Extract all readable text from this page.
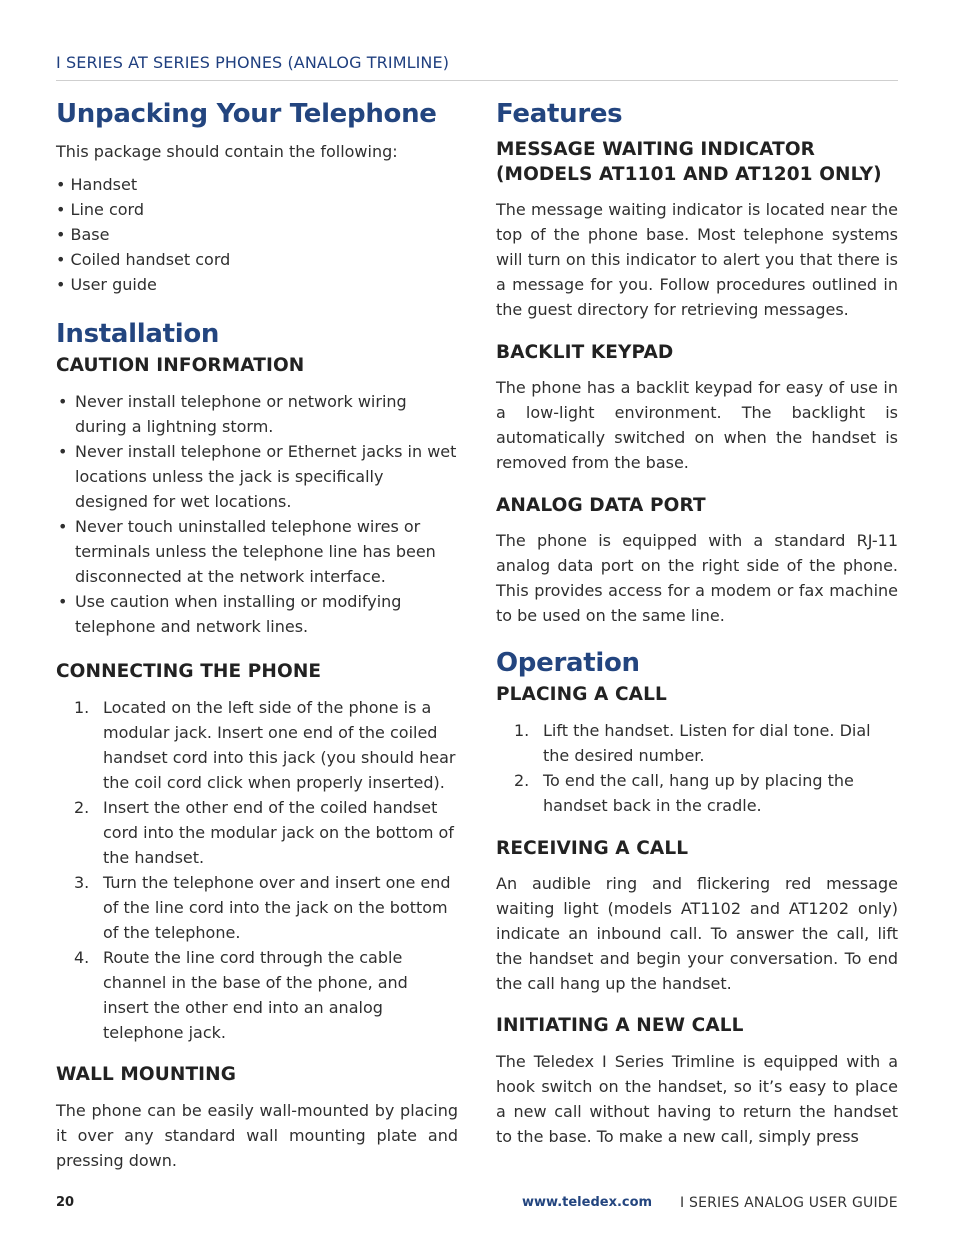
I SERIES AT SERIES PHONES (ANALOG TRIMLINE)
Unpacking Your Telephone

This package should contain the following:

• Handset
• Line cord
• Base
• Coiled handset cord
• User guide
Installation
CAUTION INFORMATION
• Never install telephone or network wiring during a lightning storm.
• Never install telephone or Ethernet jacks in wet locations unless the jack is specifically designed for wet locations.
• Never touch uninstalled telephone wires or terminals unless the telephone line has been disconnected at the network interface.
• Use caution when installing or modifying telephone and network lines.
CONNECTING THE PHONE
1. Located on the left side of the phone is a modular jack. Insert one end of the coiled handset cord into this jack (you should hear the coil cord click when properly inserted).
2. Insert the other end of the coiled handset cord into the modular jack on the bottom of the handset.
3. Turn the telephone over and insert one end of the line cord into the jack on the bottom of the telephone.
4. Route the line cord through the cable channel in the base of the phone, and insert the other end into an analog telephone jack.
WALL MOUNTING

The phone can be easily wall-mounted by placing it over any standard wall mounting plate and pressing down.

Features
MESSAGE WAITING INDICATOR (MODELS AT1101 AND AT1201 ONLY)

The message waiting indicator is located near the top of the phone base. Most telephone systems will turn on this indicator to alert you that there is a message for you. Follow procedures outlined in the guest directory for retrieving messages.

BACKLIT KEYPAD

The phone has a backlit keypad for easy of use in a low-light environment. The backlight is automatically switched on when the handset is removed from the base.

ANALOG DATA PORT

The phone is equipped with a standard RJ-11 analog data port on the right side of the phone. This provides access for a modem or fax machine to be used on the same line.

Operation
PLACING A CALL
1. Lift the handset. Listen for dial tone. Dial the desired number.
2. To end the call, hang up by placing the handset back in the cradle.
RECEIVING A CALL

An audible ring and flickering red message waiting light (models AT1102 and AT1202 only) indicate an inbound call. To answer the call, lift the handset and begin your conversation. To end the call hang up the handset.

INITIATING A NEW CALL

The Teledex I Series Trimline is equipped with a hook switch on the handset, so it’s easy to place a new call without having to return the handset to the base. To make a new call, simply press

20	www.teledex.com I SERIES ANALOG USER GUIDE
